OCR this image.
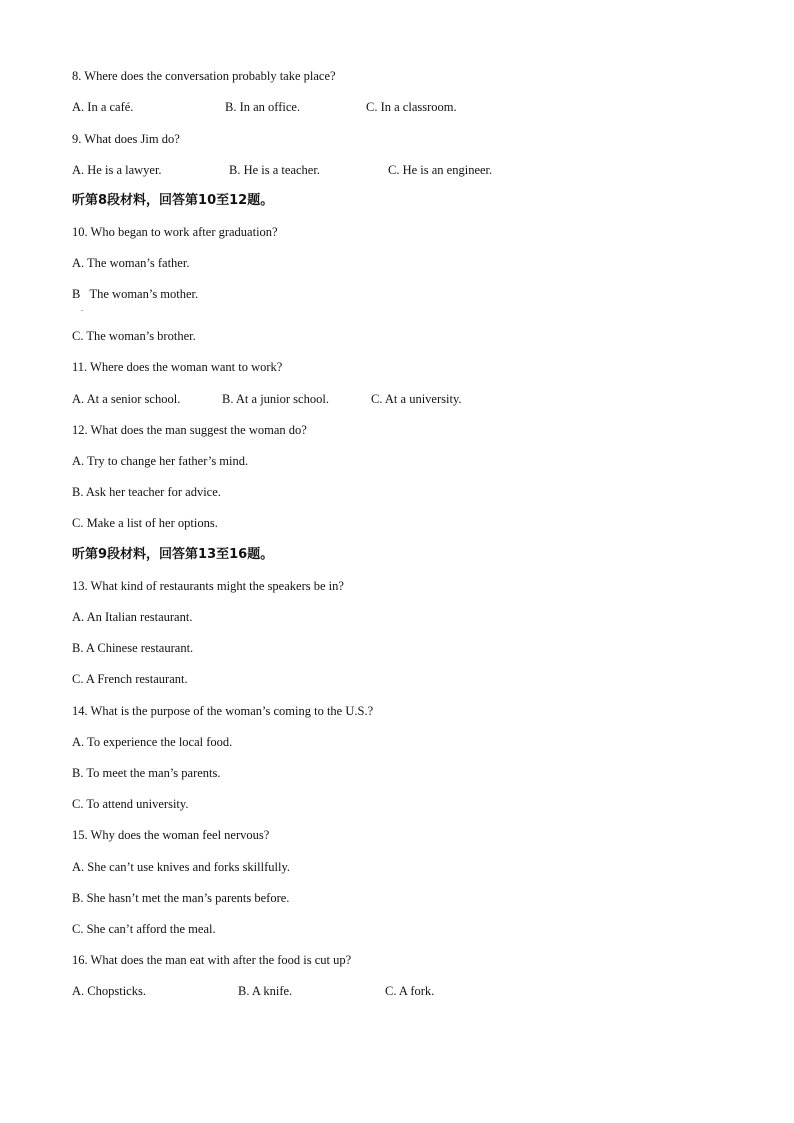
8. Where does the conversation probably take place?
A. In a café.	B. In an office.	C. In a classroom.
9. What does Jim do?
A. He is a lawyer.	B. He is a teacher.	C. He is an engineer.
听第8段材料，回答第10至12题。
10. Who began to work after graduation?
A. The woman’s father.
B   The woman’s mother.
.
C. The woman’s brother.
11. Where does the woman want to work?
A. At a senior school.	B. At a junior school.	C. At a university.
12. What does the man suggest the woman do?
A. Try to change her father’s mind.
B. Ask her teacher for advice.
C. Make a list of her options.
听第9段材料，回答第13至16题。
13. What kind of restaurants might the speakers be in?
A. An Italian restaurant.
B. A Chinese restaurant.
C. A French restaurant.
14. What is the purpose of the woman’s coming to the U.S.?
A. To experience the local food.
B. To meet the man’s parents.
C. To attend university.
15. Why does the woman feel nervous?
A. She can’t use knives and forks skillfully.
B. She hasn’t met the man’s parents before.
C. She can’t afford the meal.
16. What does the man eat with after the food is cut up?
A. Chopsticks.	B. A knife.	C. A fork.
